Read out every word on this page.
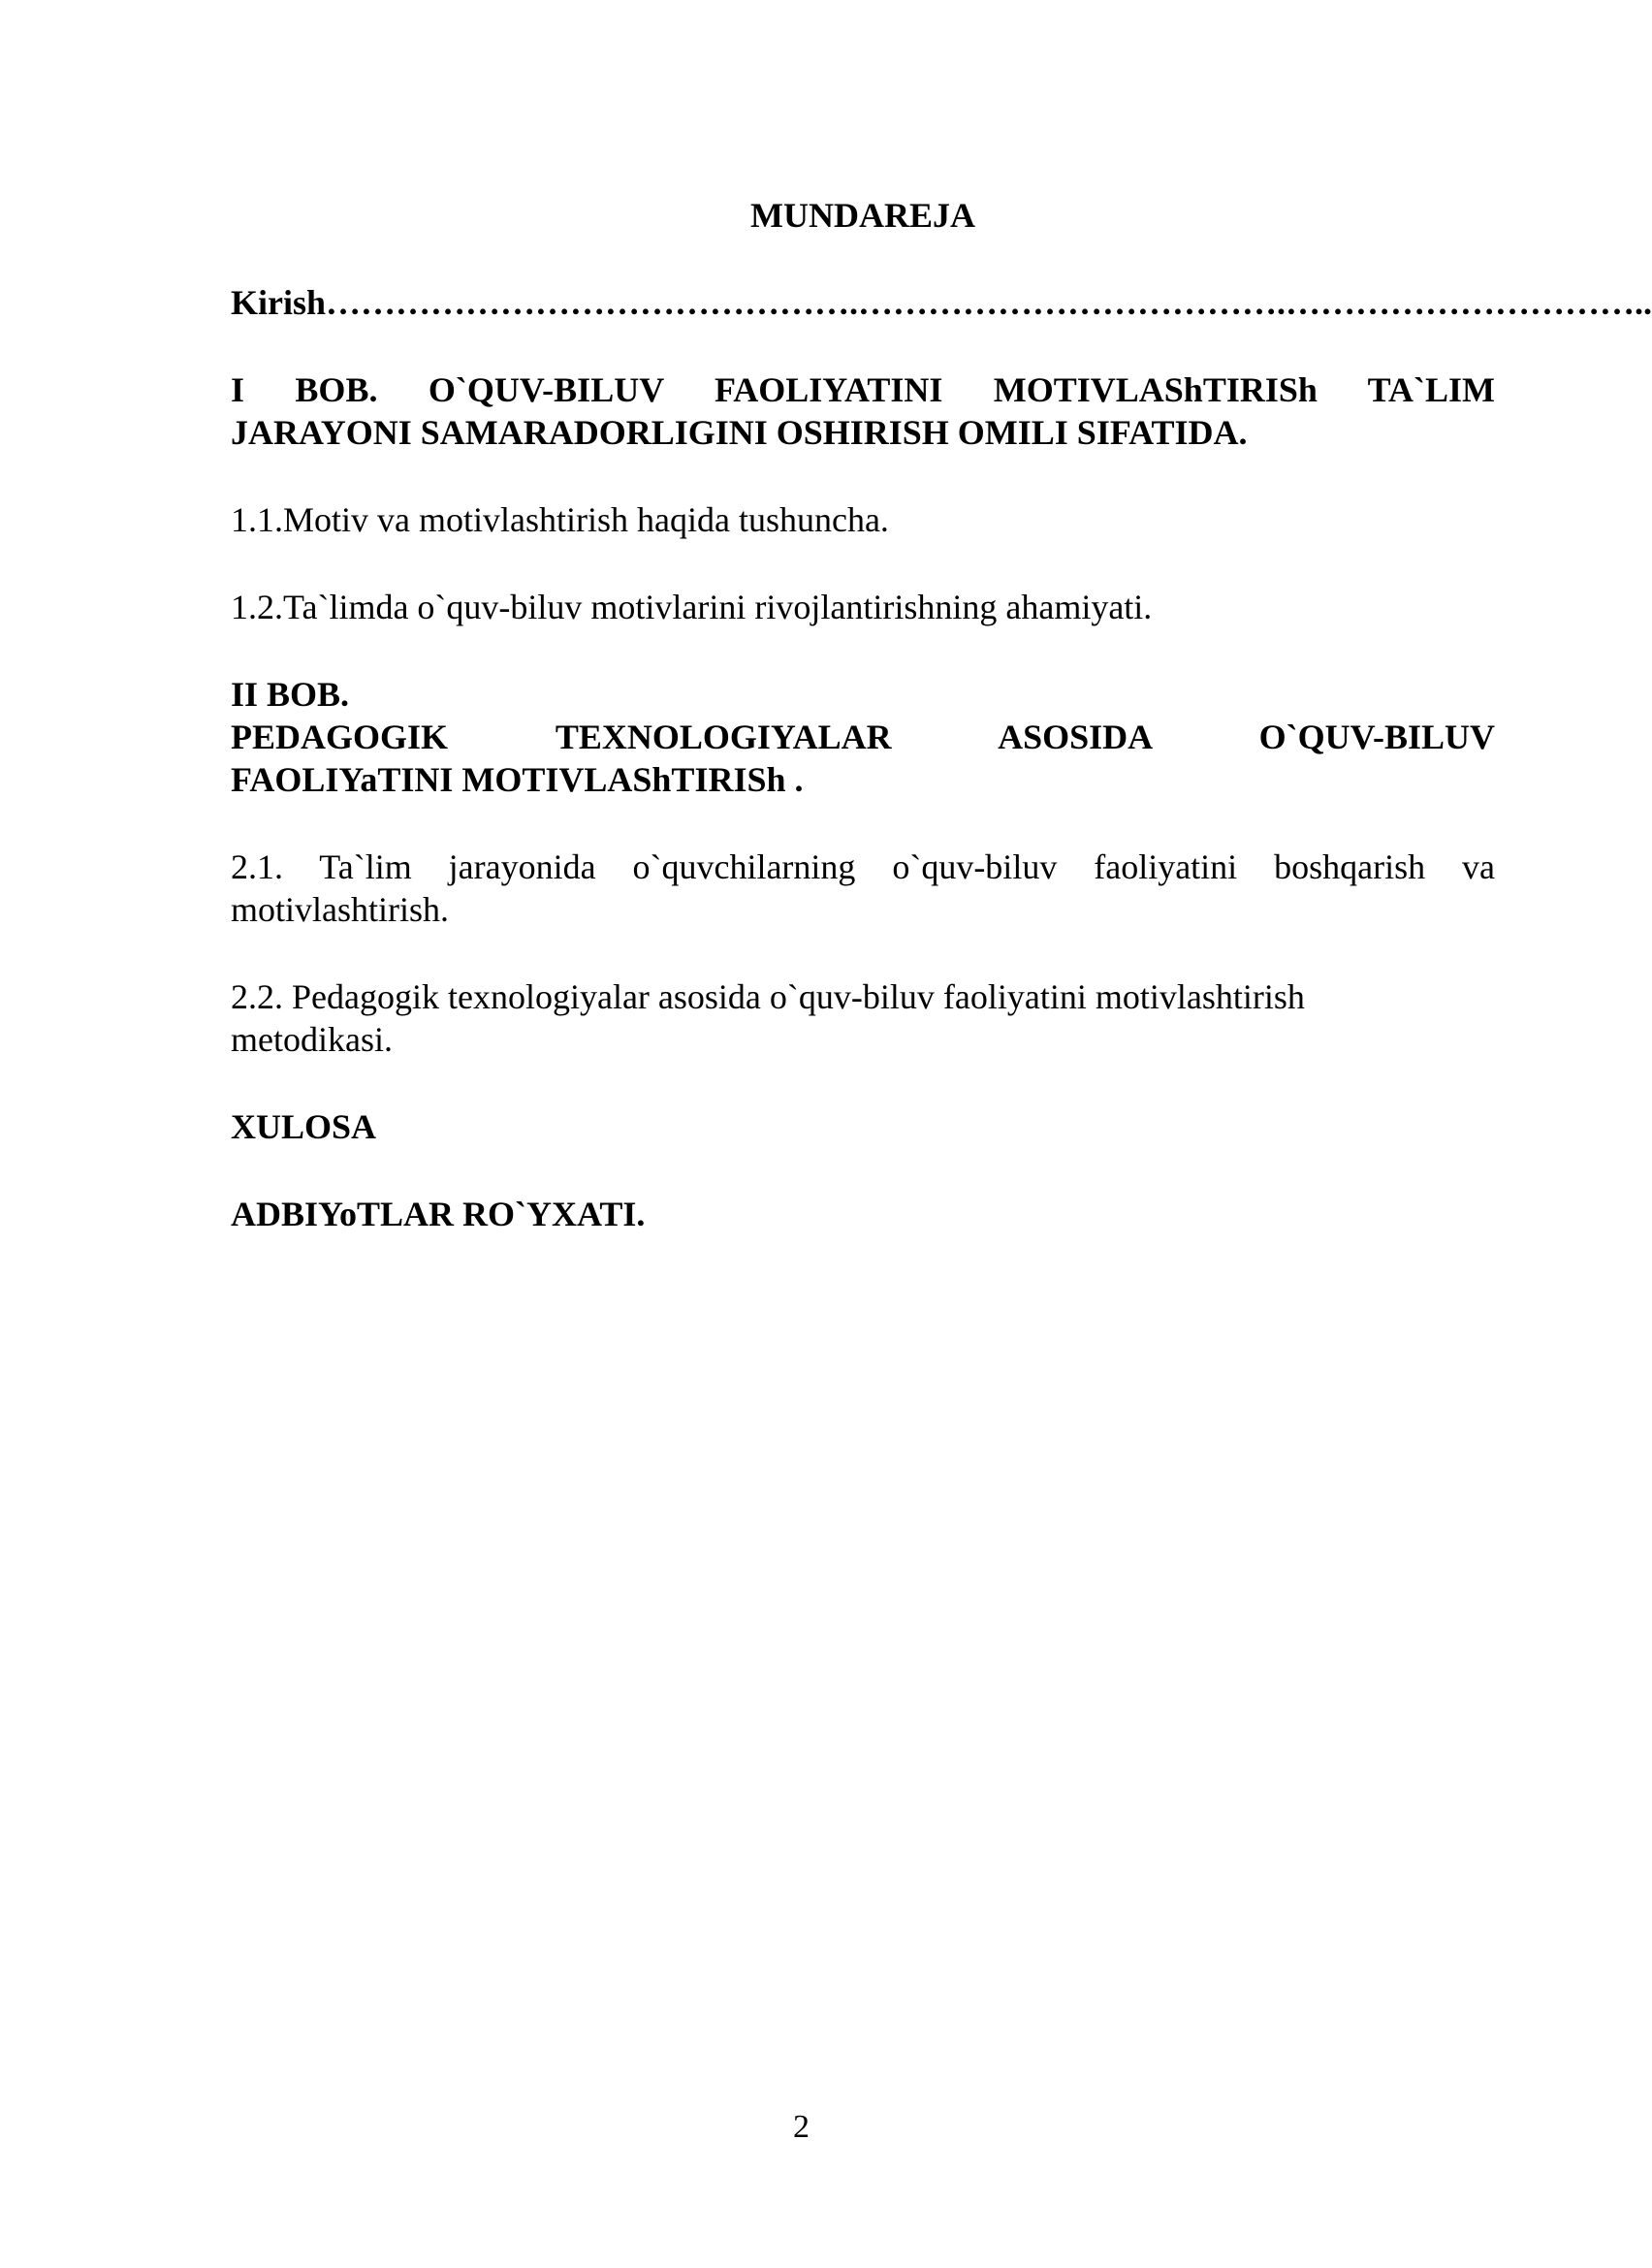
MUNDAREJA
Kirish……………………………………….……………………………….…………………………..
I BOB. O`QUV-BILUV FAOLIYATINI MOTIVLAShTIRISh TA`LIM
JARAYONI SAMARADORLIGINI OSHIRISH OMILI SIFATIDA.
1.1.Motiv va motivlashtirish haqida tushuncha.
1.2.Ta`limda o`quv-biluv motivlarini rivojlantirishning ahamiyati.
II BOB.
PEDAGOGIK TEXNOLOGIYALAR ASOSIDA O`QUV-BILUV
FAOLIYaTINI MOTIVLAShTIRISh .
2.1. Ta`lim jarayonida o`quvchilarning o`quv-biluv faoliyatini boshqarish va
motivlashtirish.
2.2. Pedagogik texnologiyalar asosida o`quv-biluv faoliyatini motivlashtirish
metodikasi.
XULOSA
ADBIYoTLAR RO`YXATI.
2
